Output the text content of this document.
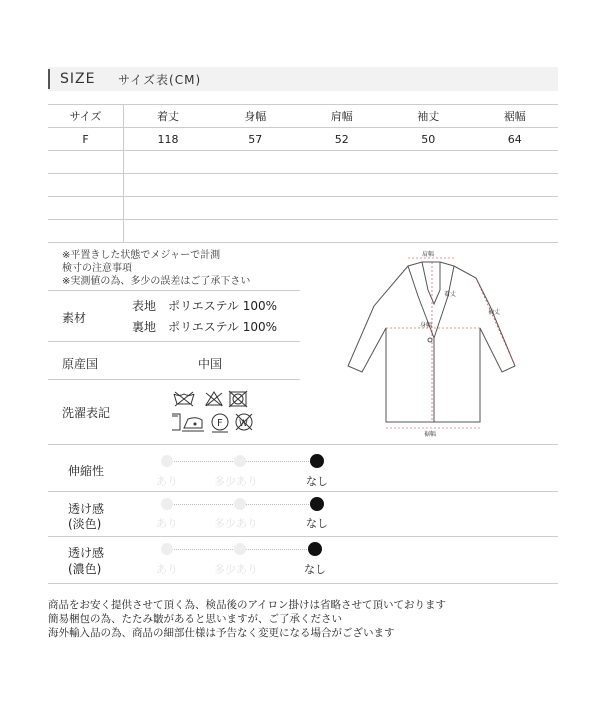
SIZE サイズ表(CM)
サイズ	着丈	身幅	肩幅	袖丈	裾幅
F	118	57	52	50	64

※平置きした状態でメジャーで計測
検寸の注意事項
※実測値の為、多少の誤差はご了承下さい
素材
表地　ポリエステル 100%
裏地　ポリエステル 100%
原産国	中国
洗濯表記
F W
肩幅
着丈
袖丈
身幅
裾幅
伸縮性
あり	多少あり	なし
透け感
(淡色)	あり	多少あり	なし
透け感
(濃色)	あり	多少あり	なし
商品をお安く提供させて頂く為、検品後のアイロン掛けは省略させて頂いております
簡易梱包の為、たたみ皺があると思いますが、ご了承ください
海外輸入品の為、商品の細部仕様は予告なく変更になる場合がございます
